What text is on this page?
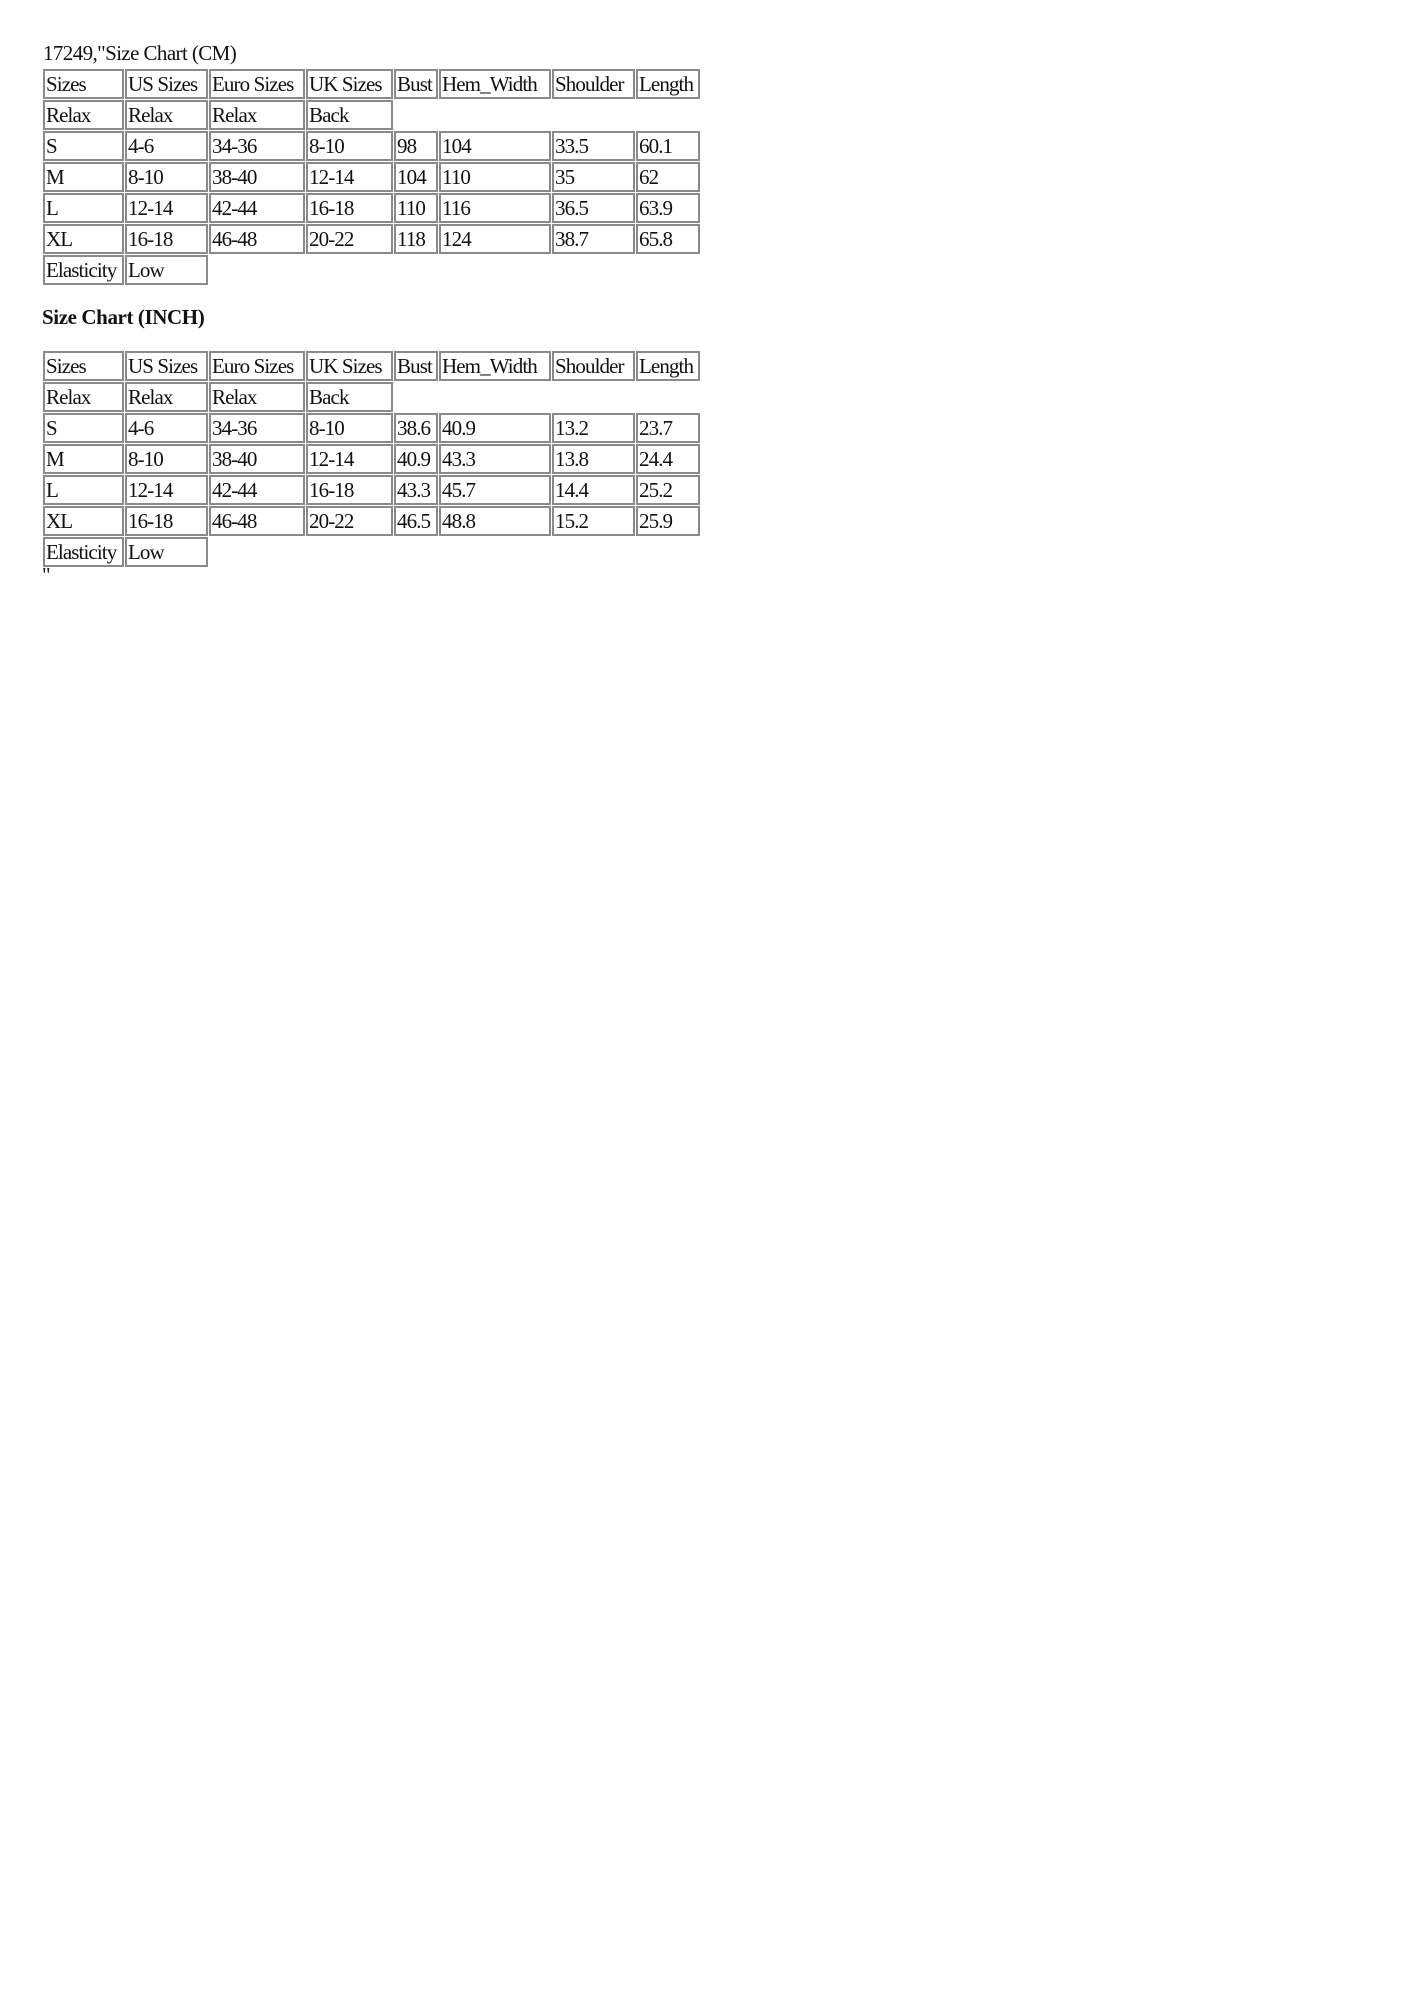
17249,"Size Chart (CM)
Sizes	US Sizes	Euro Sizes	UK Sizes	Bust	Hem_Width	Shoulder	Length
Relax	Relax	Relax	Back				
S	4-6	34-36	8-10	98	104	33.5	60.1
M	8-10	38-40	12-14	104	110	35	62
L	12-14	42-44	16-18	110	116	36.5	63.9
XL	16-18	46-48	20-22	118	124	38.7	65.8
Elasticity	Low						
Size Chart (INCH)
Sizes	US Sizes	Euro Sizes	UK Sizes	Bust	Hem_Width	Shoulder	Length
Relax	Relax	Relax	Back				
S	4-6	34-36	8-10	38.6	40.9	13.2	23.7
M	8-10	38-40	12-14	40.9	43.3	13.8	24.4
L	12-14	42-44	16-18	43.3	45.7	14.4	25.2
XL	16-18	46-48	20-22	46.5	48.8	15.2	25.9
Elasticity	Low						
"
